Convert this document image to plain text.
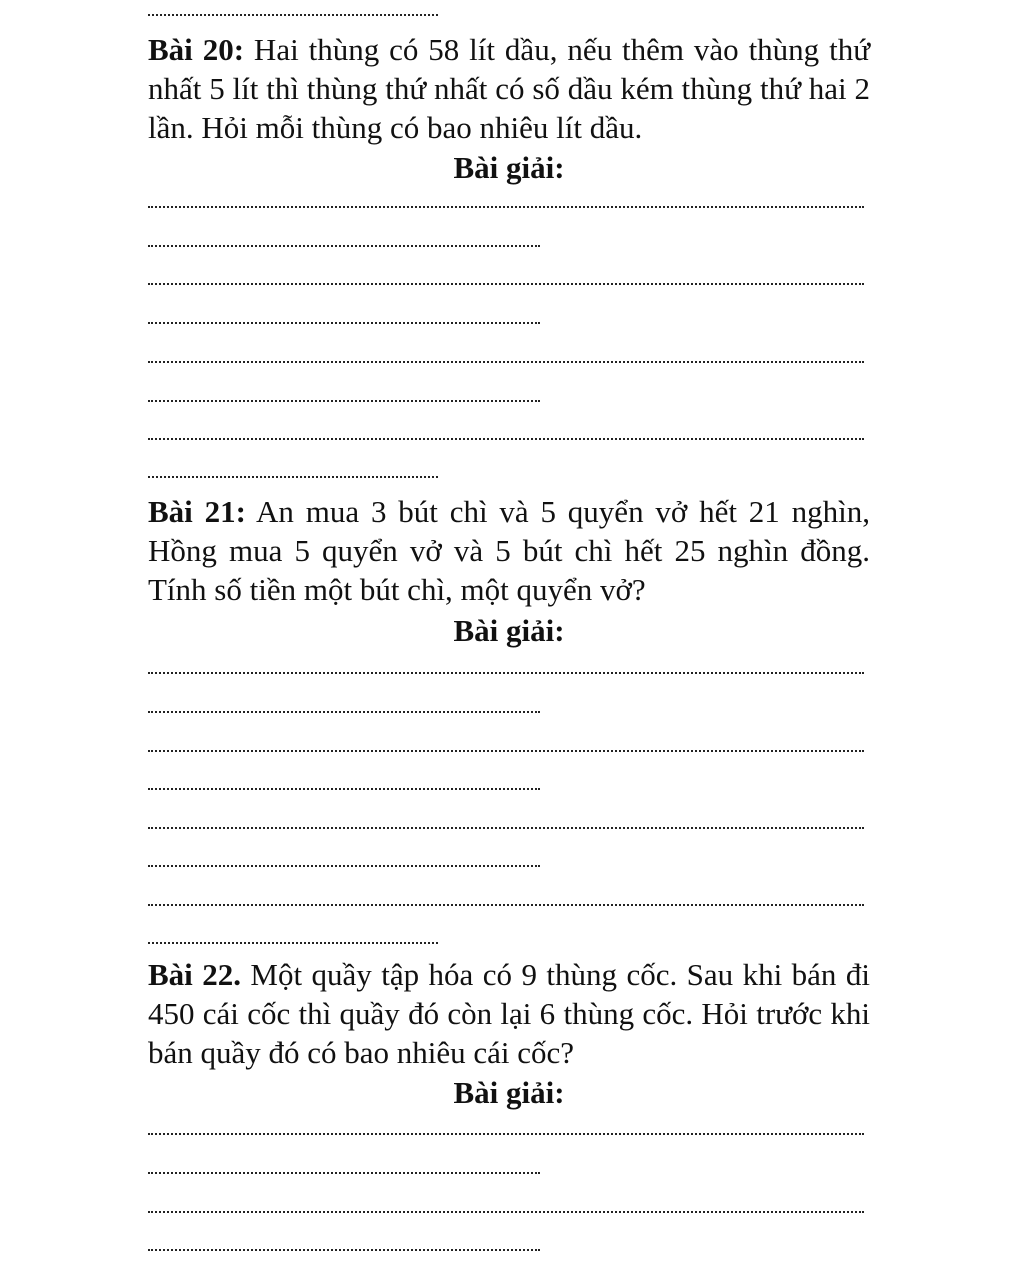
Bài 20: Hai thùng có 58 lít dầu, nếu thêm vào thùng thứ nhất 5 lít thì thùng thứ nhất có số dầu kém thùng thứ hai 2 lần. Hỏi mỗi thùng có bao nhiêu lít dầu.
Bài giải:
Bài 21: An mua 3 bút chì và 5 quyển vở hết 21 nghìn, Hồng mua 5 quyển vở và 5 bút chì hết 25 nghìn đồng. Tính số tiền một bút chì, một quyển vở?
Bài giải:
Bài 22. Một quầy tập hóa có 9 thùng cốc. Sau khi bán đi 450 cái cốc thì quầy đó còn lại 6 thùng cốc. Hỏi trước khi bán quầy đó có bao nhiêu cái cốc?
Bài giải:
